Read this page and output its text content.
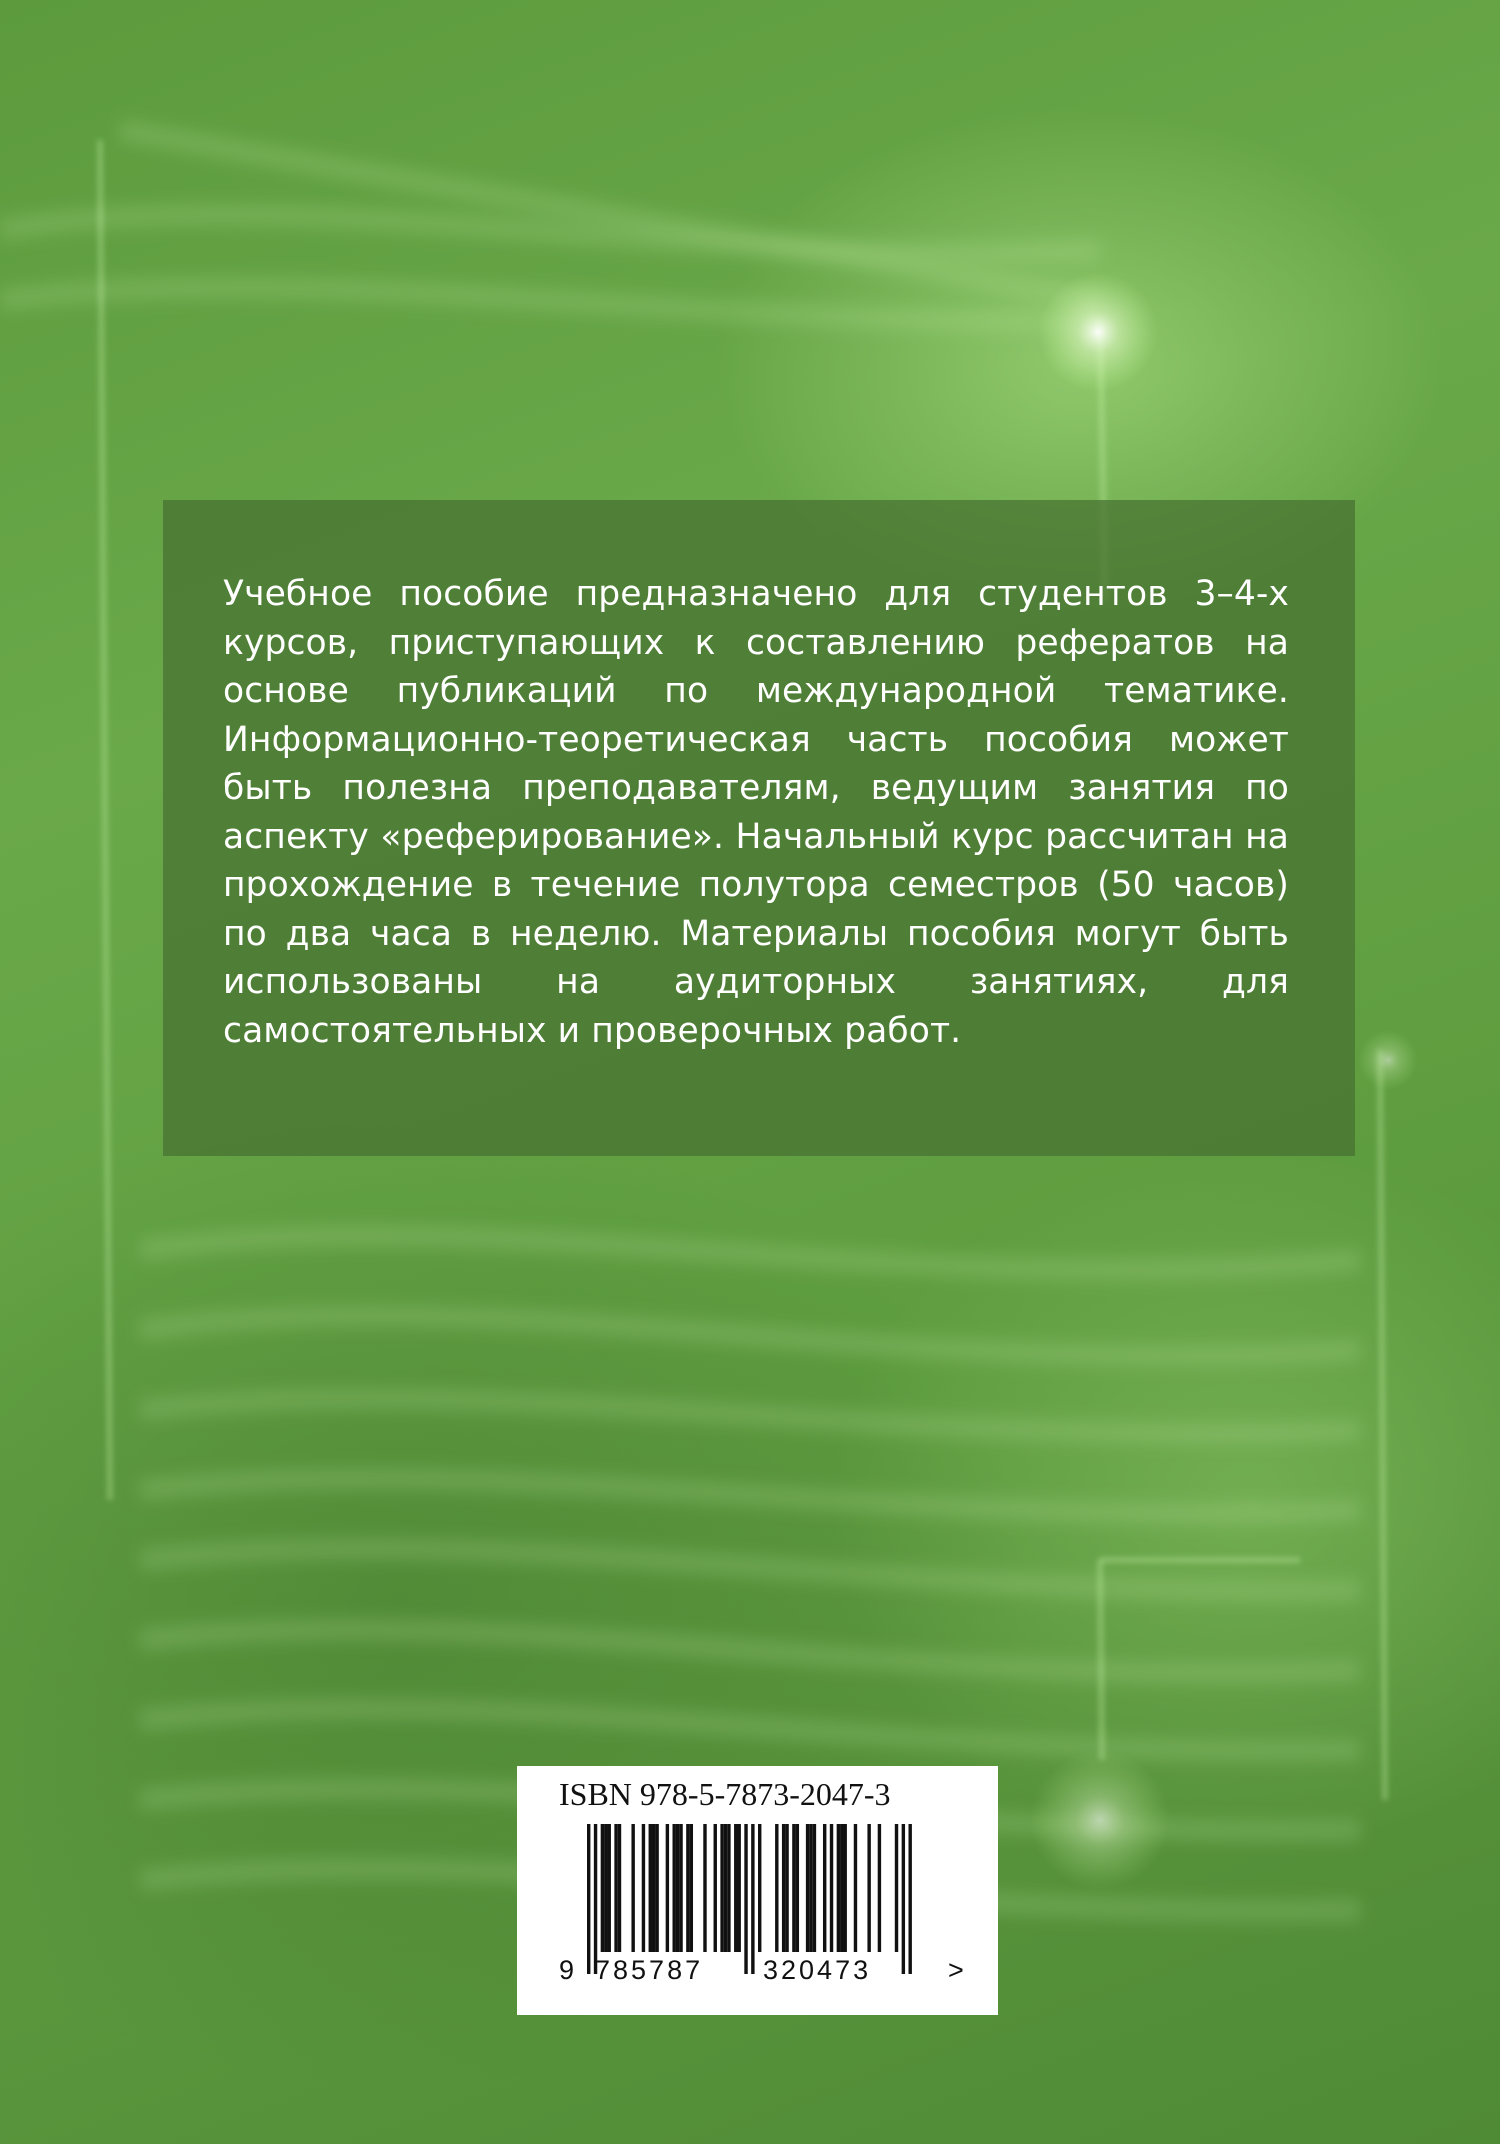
Учебное пособие предназначено для студентов 3–4-х курсов, приступающих к составлению рефератов на основе публикаций по международной тематике. Информационно-теоретическая часть пособия может быть полезна преподавателям, ведущим занятия по аспекту «реферирование». Начальный курс рассчитан на прохождение в течение полутора семестров (50 часов) по два часа в неделю. Материалы пособия могут быть использованы на аудиторных занятиях, для самостоятельных и проверочных работ.

ISBN 978-5-7873-2047-3
9 785787 320473	>
